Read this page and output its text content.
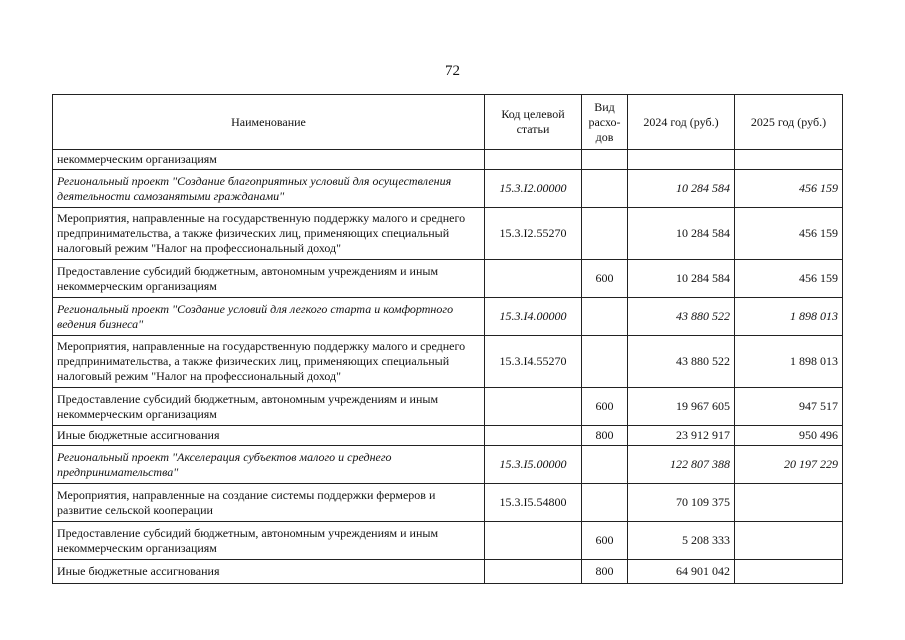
72
Наименование	Код целевой статьи	Вид расхо-дов	2024 год (руб.)	2025 год (руб.)
некоммерческим организациям				
Региональный проект "Создание благоприятных условий для осуществления деятельности самозанятыми гражданами"	15.3.I2.00000		10 284 584	456 159
Мероприятия, направленные на государственную поддержку малого и среднего предпринимательства, а также физических лиц, применяющих специальный налоговый режим "Налог на профессиональный доход"	15.3.I2.55270		10 284 584	456 159
Предоставление субсидий бюджетным, автономным учреждениям и иным некоммерческим организациям		600	10 284 584	456 159
Региональный проект "Создание условий для легкого старта и комфортного ведения бизнеса"	15.3.I4.00000		43 880 522	1 898 013
Мероприятия, направленные на государственную поддержку малого и среднего предпринимательства, а также физических лиц, применяющих специальный налоговый режим "Налог на профессиональный доход"	15.3.I4.55270		43 880 522	1 898 013
Предоставление субсидий бюджетным, автономным учреждениям и иным некоммерческим организациям		600	19 967 605	947 517
Иные бюджетные ассигнования		800	23 912 917	950 496
Региональный проект "Акселерация субъектов малого и среднего предпринимательства"	15.3.I5.00000		122 807 388	20 197 229
Мероприятия, направленные на создание системы поддержки фермеров и развитие сельской кооперации	15.3.I5.54800		70 109 375	
Предоставление субсидий бюджетным, автономным учреждениям и иным некоммерческим организациям		600	5 208 333	
Иные бюджетные ассигнования		800	64 901 042	
